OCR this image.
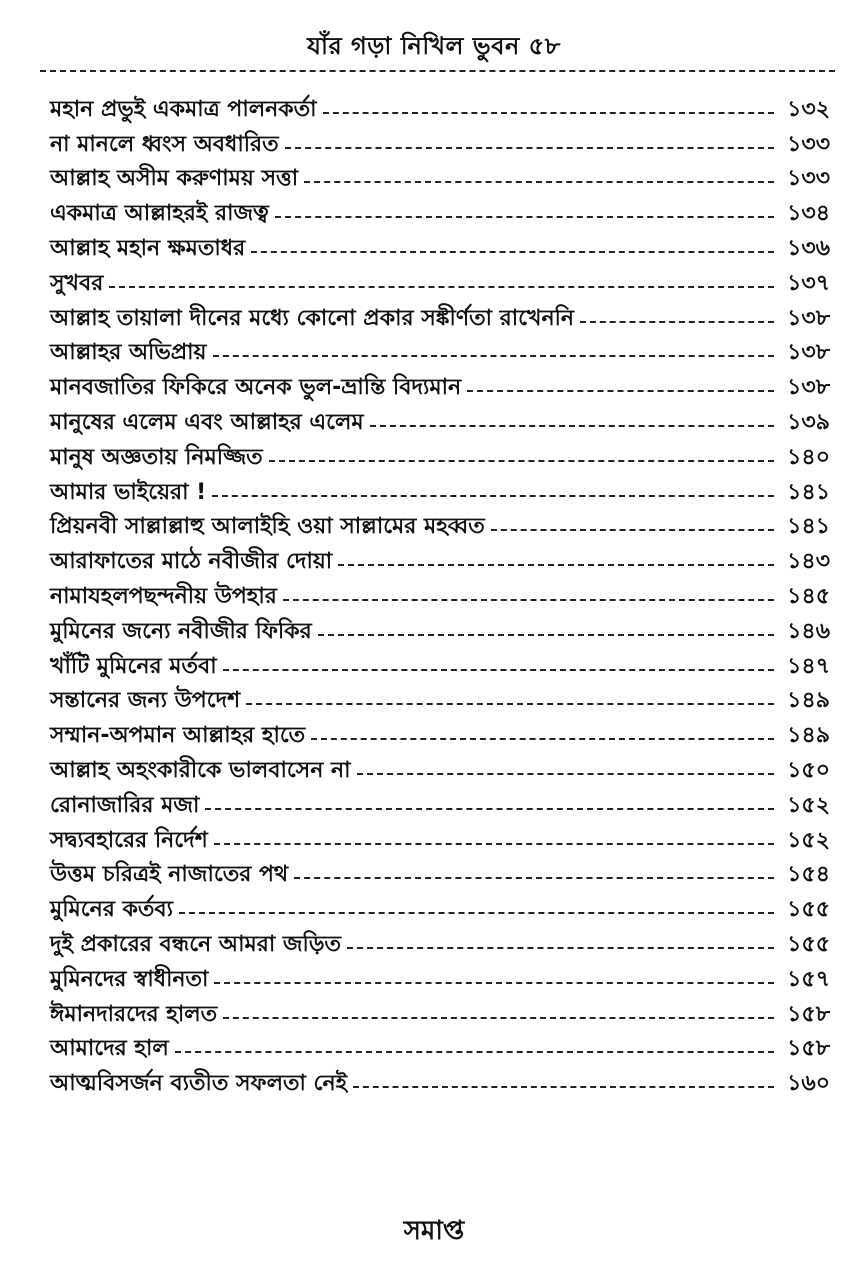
যাঁর গড়া নিখিল ভুবন ৫৮
মহান প্রভুই একমাত্র পালনকর্তা	১৩২
না মানলে ধ্বংস অবধারিত	১৩৩
আল্লাহ অসীম করুণাময় সত্তা	১৩৩
একমাত্র আল্লাহরই রাজত্ব	১৩৪
আল্লাহ মহান ক্ষমতাধর	১৩৬
সুখবর	১৩৭
আল্লাহ তায়ালা দীনের মধ্যে কোনো প্রকার সঙ্কীর্ণতা রাখেননি	১৩৮
আল্লাহর অভিপ্রায়	১৩৮
মানবজাতির ফিকিরে অনেক ভুল-ভ্রান্তি বিদ্যমান	১৩৮
মানুষের এলেম এবং আল্লাহর এলেম	১৩৯
মানুষ অজ্ঞতায় নিমজ্জিত	১৪০
আমার ভাইয়েরা !	১৪১
প্রিয়নবী সাল্লাল্লাহু আলাইহি ওয়া সাল্লামের মহব্বত	১৪১
আরাফাতের মাঠে নবীজীর দোয়া	১৪৩
নামাযহলপছন্দনীয় উপহার	১৪৫
মুমিনের জন্যে নবীজীর ফিকির	১৪৬
খাঁটি মুমিনের মর্তবা	১৪৭
সন্তানের জন্য উপদেশ	১৪৯
সম্মান-অপমান আল্লাহর হাতে	১৪৯
আল্লাহ অহংকারীকে ভালবাসেন না	১৫০
রোনাজারির মজা	১৫২
সদ্ব্যবহারের নির্দেশ	১৫২
উত্তম চরিত্রই নাজাতের পথ	১৫৪
মুমিনের কর্তব্য	১৫৫
দুই প্রকারের বন্ধনে আমরা জড়িত	১৫৫
মুমিনদের স্বাধীনতা	১৫৭
ঈমানদারদের হালত	১৫৮
আমাদের হাল	১৫৮
আত্মবিসর্জন ব্যতীত সফলতা নেই	১৬০
সমাপ্ত
